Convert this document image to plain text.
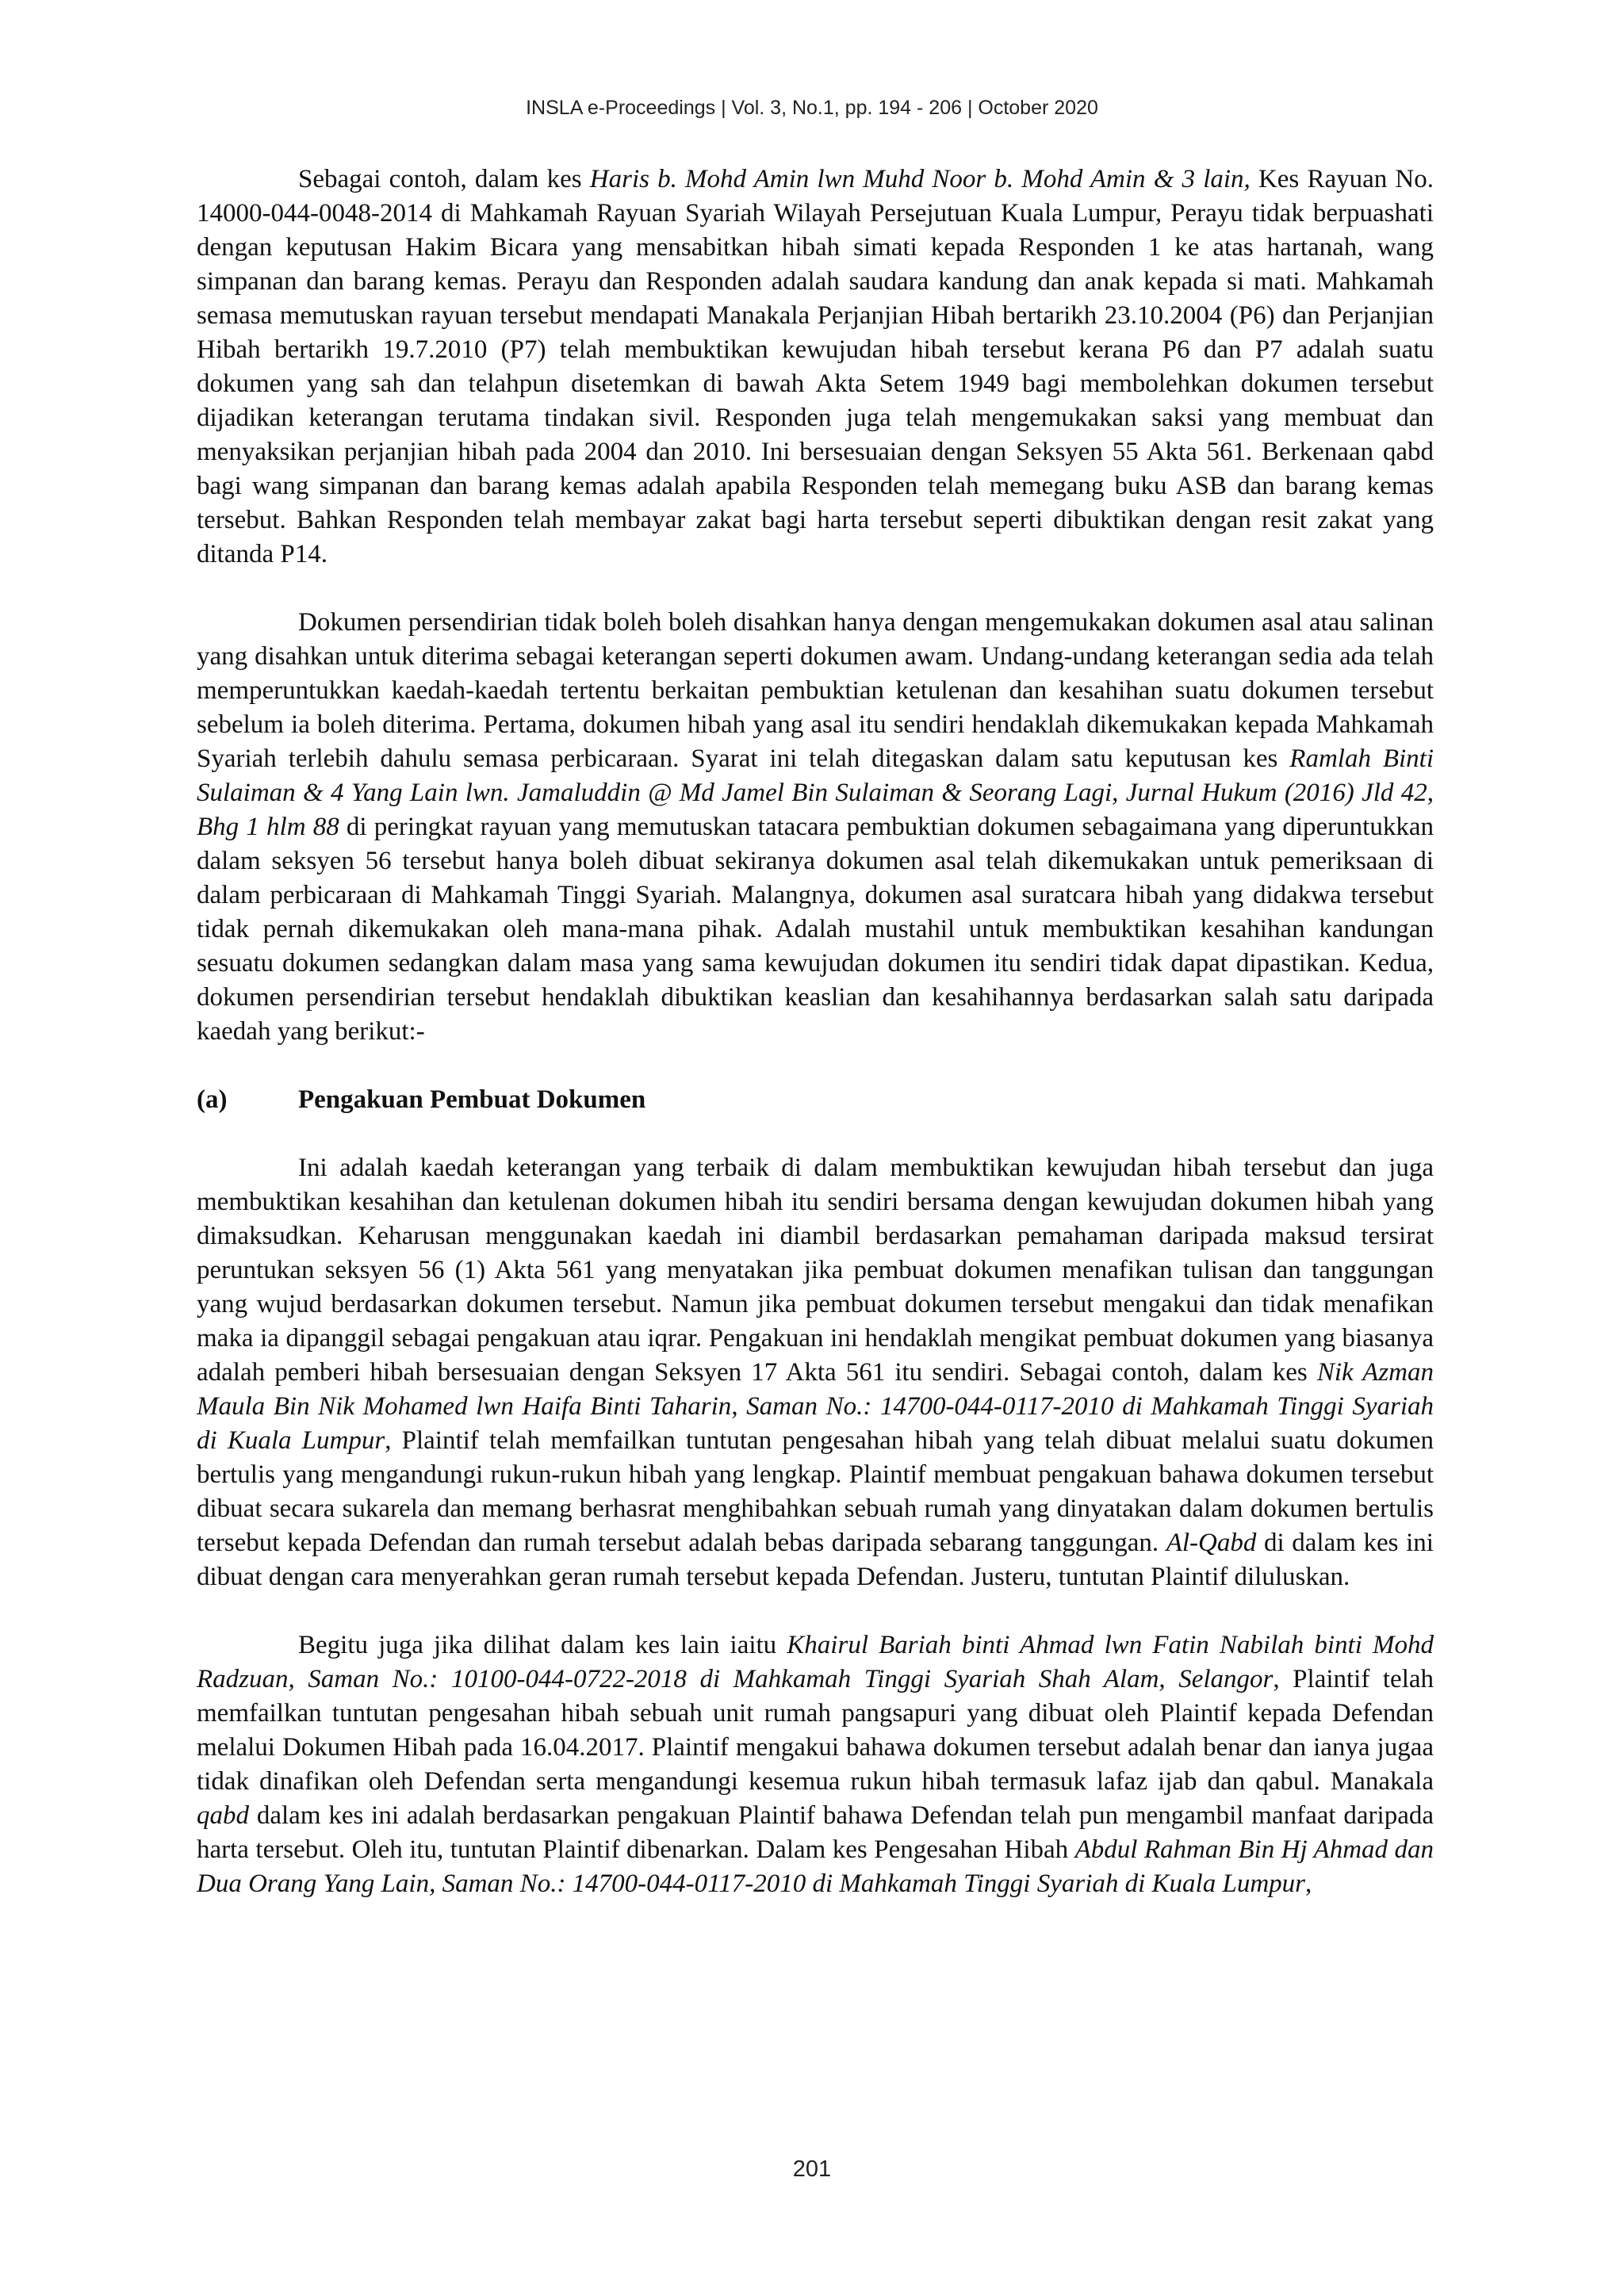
INSLA e-Proceedings | Vol. 3, No.1, pp. 194 - 206 | October 2020

Sebagai contoh, dalam kes Haris b. Mohd Amin lwn Muhd Noor b. Mohd Amin & 3 lain, Kes Rayuan No. 14000-044-0048-2014 di Mahkamah Rayuan Syariah Wilayah Persejutuan Kuala Lumpur, Perayu tidak berpuashati dengan keputusan Hakim Bicara yang mensabitkan hibah simati kepada Responden 1 ke atas hartanah, wang simpanan dan barang kemas. Perayu dan Responden adalah saudara kandung dan anak kepada si mati. Mahkamah semasa memutuskan rayuan tersebut mendapati Manakala Perjanjian Hibah bertarikh 23.10.2004 (P6) dan Perjanjian Hibah bertarikh 19.7.2010 (P7) telah membuktikan kewujudan hibah tersebut kerana P6 dan P7 adalah suatu dokumen yang sah dan telahpun disetemkan di bawah Akta Setem 1949 bagi membolehkan dokumen tersebut dijadikan keterangan terutama tindakan sivil. Responden juga telah mengemukakan saksi yang membuat dan menyaksikan perjanjian hibah pada 2004 dan 2010. Ini bersesuaian dengan Seksyen 55 Akta 561. Berkenaan qabd bagi wang simpanan dan barang kemas adalah apabila Responden telah memegang buku ASB dan barang kemas tersebut. Bahkan Responden telah membayar zakat bagi harta tersebut seperti dibuktikan dengan resit zakat yang ditanda P14.

Dokumen persendirian tidak boleh boleh disahkan hanya dengan mengemukakan dokumen asal atau salinan yang disahkan untuk diterima sebagai keterangan seperti dokumen awam. Undang-undang keterangan sedia ada telah memperuntukkan kaedah-kaedah tertentu berkaitan pembuktian ketulenan dan kesahihan suatu dokumen tersebut sebelum ia boleh diterima. Pertama, dokumen hibah yang asal itu sendiri hendaklah dikemukakan kepada Mahkamah Syariah terlebih dahulu semasa perbicaraan. Syarat ini telah ditegaskan dalam satu keputusan kes Ramlah Binti Sulaiman & 4 Yang Lain lwn. Jamaluddin @ Md Jamel Bin Sulaiman & Seorang Lagi, Jurnal Hukum (2016) Jld 42, Bhg 1 hlm 88 di peringkat rayuan yang memutuskan tatacara pembuktian dokumen sebagaimana yang diperuntukkan dalam seksyen 56 tersebut hanya boleh dibuat sekiranya dokumen asal telah dikemukakan untuk pemeriksaan di dalam perbicaraan di Mahkamah Tinggi Syariah. Malangnya, dokumen asal suratcara hibah yang didakwa tersebut tidak pernah dikemukakan oleh mana-mana pihak. Adalah mustahil untuk membuktikan kesahihan kandungan sesuatu dokumen sedangkan dalam masa yang sama kewujudan dokumen itu sendiri tidak dapat dipastikan. Kedua, dokumen persendirian tersebut hendaklah dibuktikan keaslian dan kesahihannya berdasarkan salah satu daripada kaedah yang berikut:-

(a)	Pengakuan Pembuat Dokumen

Ini adalah kaedah keterangan yang terbaik di dalam membuktikan kewujudan hibah tersebut dan juga membuktikan kesahihan dan ketulenan dokumen hibah itu sendiri bersama dengan kewujudan dokumen hibah yang dimaksudkan. Keharusan menggunakan kaedah ini diambil berdasarkan pemahaman daripada maksud tersirat peruntukan seksyen 56 (1) Akta 561 yang menyatakan jika pembuat dokumen menafikan tulisan dan tanggungan yang wujud berdasarkan dokumen tersebut. Namun jika pembuat dokumen tersebut mengakui dan tidak menafikan maka ia dipanggil sebagai pengakuan atau iqrar. Pengakuan ini hendaklah mengikat pembuat dokumen yang biasanya adalah pemberi hibah bersesuaian dengan Seksyen 17 Akta 561 itu sendiri. Sebagai contoh, dalam kes Nik Azman Maula Bin Nik Mohamed lwn Haifa Binti Taharin, Saman No.: 14700-044-0117-2010 di Mahkamah Tinggi Syariah di Kuala Lumpur, Plaintif telah memfailkan tuntutan pengesahan hibah yang telah dibuat melalui suatu dokumen bertulis yang mengandungi rukun-rukun hibah yang lengkap. Plaintif membuat pengakuan bahawa dokumen tersebut dibuat secara sukarela dan memang berhasrat menghibahkan sebuah rumah yang dinyatakan dalam dokumen bertulis tersebut kepada Defendan dan rumah tersebut adalah bebas daripada sebarang tanggungan. Al-Qabd di dalam kes ini dibuat dengan cara menyerahkan geran rumah tersebut kepada Defendan. Justeru, tuntutan Plaintif diluluskan.

Begitu juga jika dilihat dalam kes lain iaitu Khairul Bariah binti Ahmad lwn Fatin Nabilah binti Mohd Radzuan, Saman No.: 10100-044-0722-2018 di Mahkamah Tinggi Syariah Shah Alam, Selangor, Plaintif telah memfailkan tuntutan pengesahan hibah sebuah unit rumah pangsapuri yang dibuat oleh Plaintif kepada Defendan melalui Dokumen Hibah pada 16.04.2017. Plaintif mengakui bahawa dokumen tersebut adalah benar dan ianya jugaa tidak dinafikan oleh Defendan serta mengandungi kesemua rukun hibah termasuk lafaz ijab dan qabul. Manakala qabd dalam kes ini adalah berdasarkan pengakuan Plaintif bahawa Defendan telah pun mengambil manfaat daripada harta tersebut. Oleh itu, tuntutan Plaintif dibenarkan. Dalam kes Pengesahan Hibah Abdul Rahman Bin Hj Ahmad dan Dua Orang Yang Lain, Saman No.: 14700-044-0117-2010 di Mahkamah Tinggi Syariah di Kuala Lumpur,

201
